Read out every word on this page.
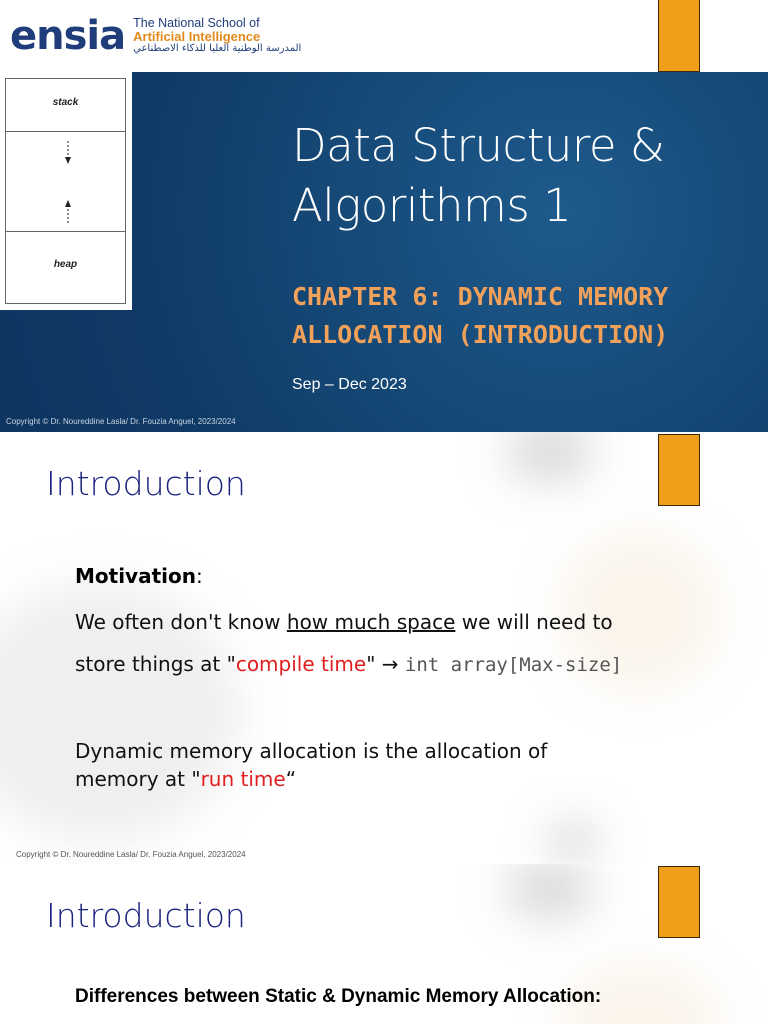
ensia The National School of
Artificial Intelligence
المدرسة الوطنية العليا للذكاء الاصطناعي
stack
heap
Data Structure & Algorithms 1
CHAPTER 6: DYNAMIC MEMORY ALLOCATION (INTRODUCTION)
Sep – Dec 2023
Copyright © Dr. Noureddine Lasla/ Dr. Fouzia Anguel, 2023/2024
Introduction
Motivation:
We often don't know how much space we will need to
store things at "compile time" → int array[Max-size]
Dynamic memory allocation is the allocation of
memory at "run time“
Copyright © Dr. Noureddine Lasla/ Dr. Fouzia Anguel, 2023/2024
Introduction
Differences between Static & Dynamic Memory Allocation:
